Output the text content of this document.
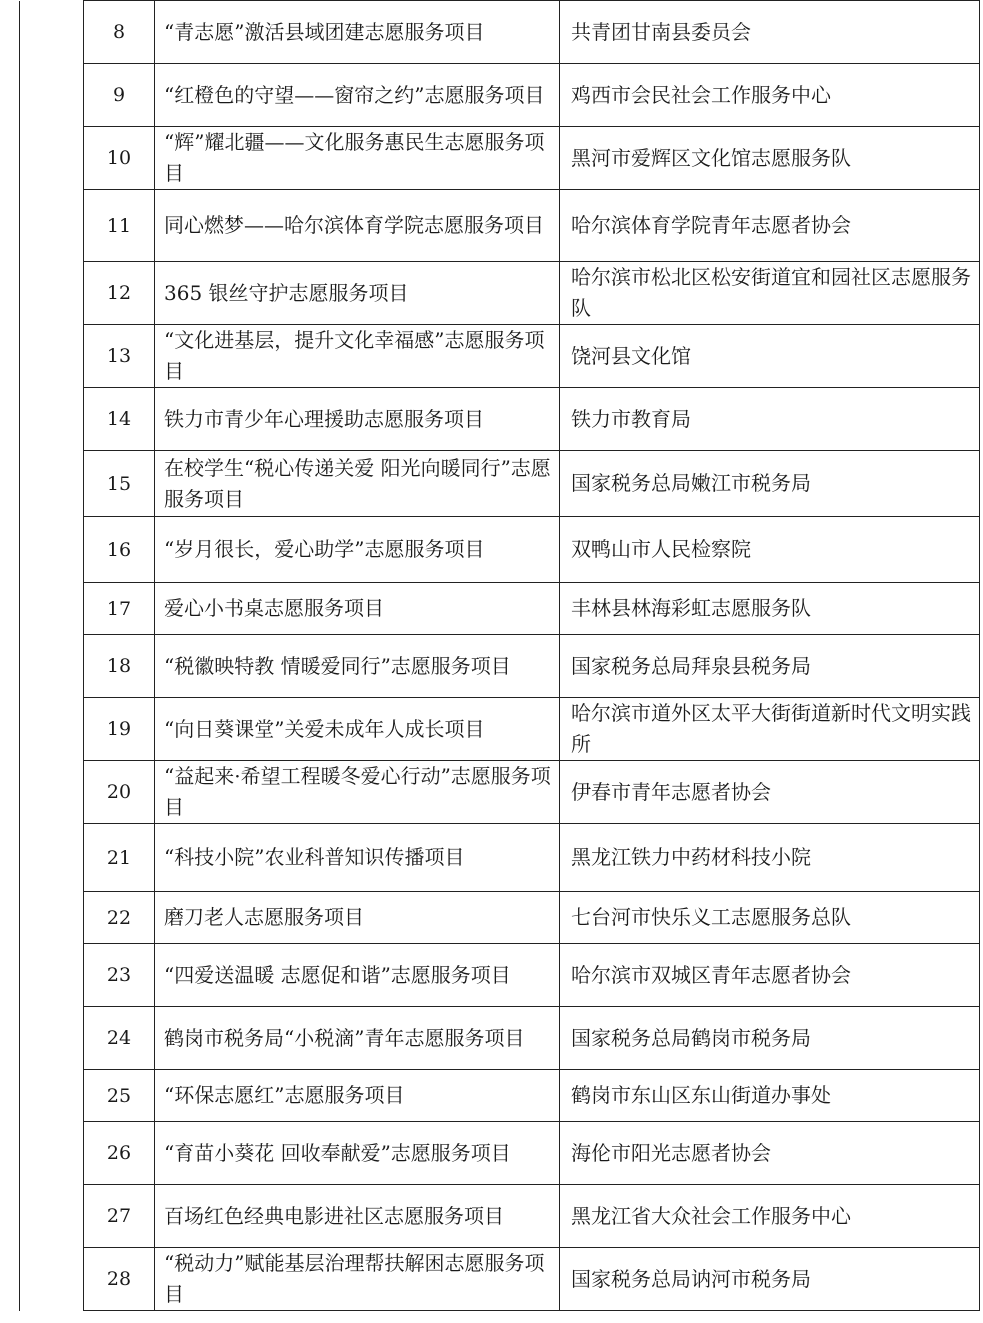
	8	“青志愿”激活县域团建志愿服务项目	共青团甘南县委员会
	9	“红橙色的守望——窗帘之约”志愿服务项目	鸡西市会民社会工作服务中心
	10	“辉”耀北疆——文化服务惠民生志愿服务项目	黑河市爱辉区文化馆志愿服务队
	11	同心燃梦——哈尔滨体育学院志愿服务项目	哈尔滨体育学院青年志愿者协会
	12	365 银丝守护志愿服务项目	哈尔滨市松北区松安街道宜和园社区志愿服务队
	13	“文化进基层，提升文化幸福感”志愿服务项目	饶河县文化馆
	14	铁力市青少年心理援助志愿服务项目	铁力市教育局
	15	在校学生“税心传递关爱 阳光向暖同行”志愿服务项目	国家税务总局嫩江市税务局
	16	“岁月很长，爱心助学”志愿服务项目	双鸭山市人民检察院
	17	爱心小书桌志愿服务项目	丰林县林海彩虹志愿服务队
	18	“税徽映特教 情暖爱同行”志愿服务项目	国家税务总局拜泉县税务局
	19	“向日葵课堂”关爱未成年人成长项目	哈尔滨市道外区太平大街街道新时代文明实践所
	20	“益起来·希望工程暖冬爱心行动”志愿服务项目	伊春市青年志愿者协会
	21	“科技小院”农业科普知识传播项目	黑龙江铁力中药材科技小院
	22	磨刀老人志愿服务项目	七台河市快乐义工志愿服务总队
	23	“四爱送温暖 志愿促和谐”志愿服务项目	哈尔滨市双城区青年志愿者协会
	24	鹤岗市税务局“小税滴”青年志愿服务项目	国家税务总局鹤岗市税务局
	25	“环保志愿红”志愿服务项目	鹤岗市东山区东山街道办事处
	26	“育苗小葵花 回收奉献爱”志愿服务项目	海伦市阳光志愿者协会
	27	百场红色经典电影进社区志愿服务项目	黑龙江省大众社会工作服务中心
	28	“税动力”赋能基层治理帮扶解困志愿服务项目	国家税务总局讷河市税务局
